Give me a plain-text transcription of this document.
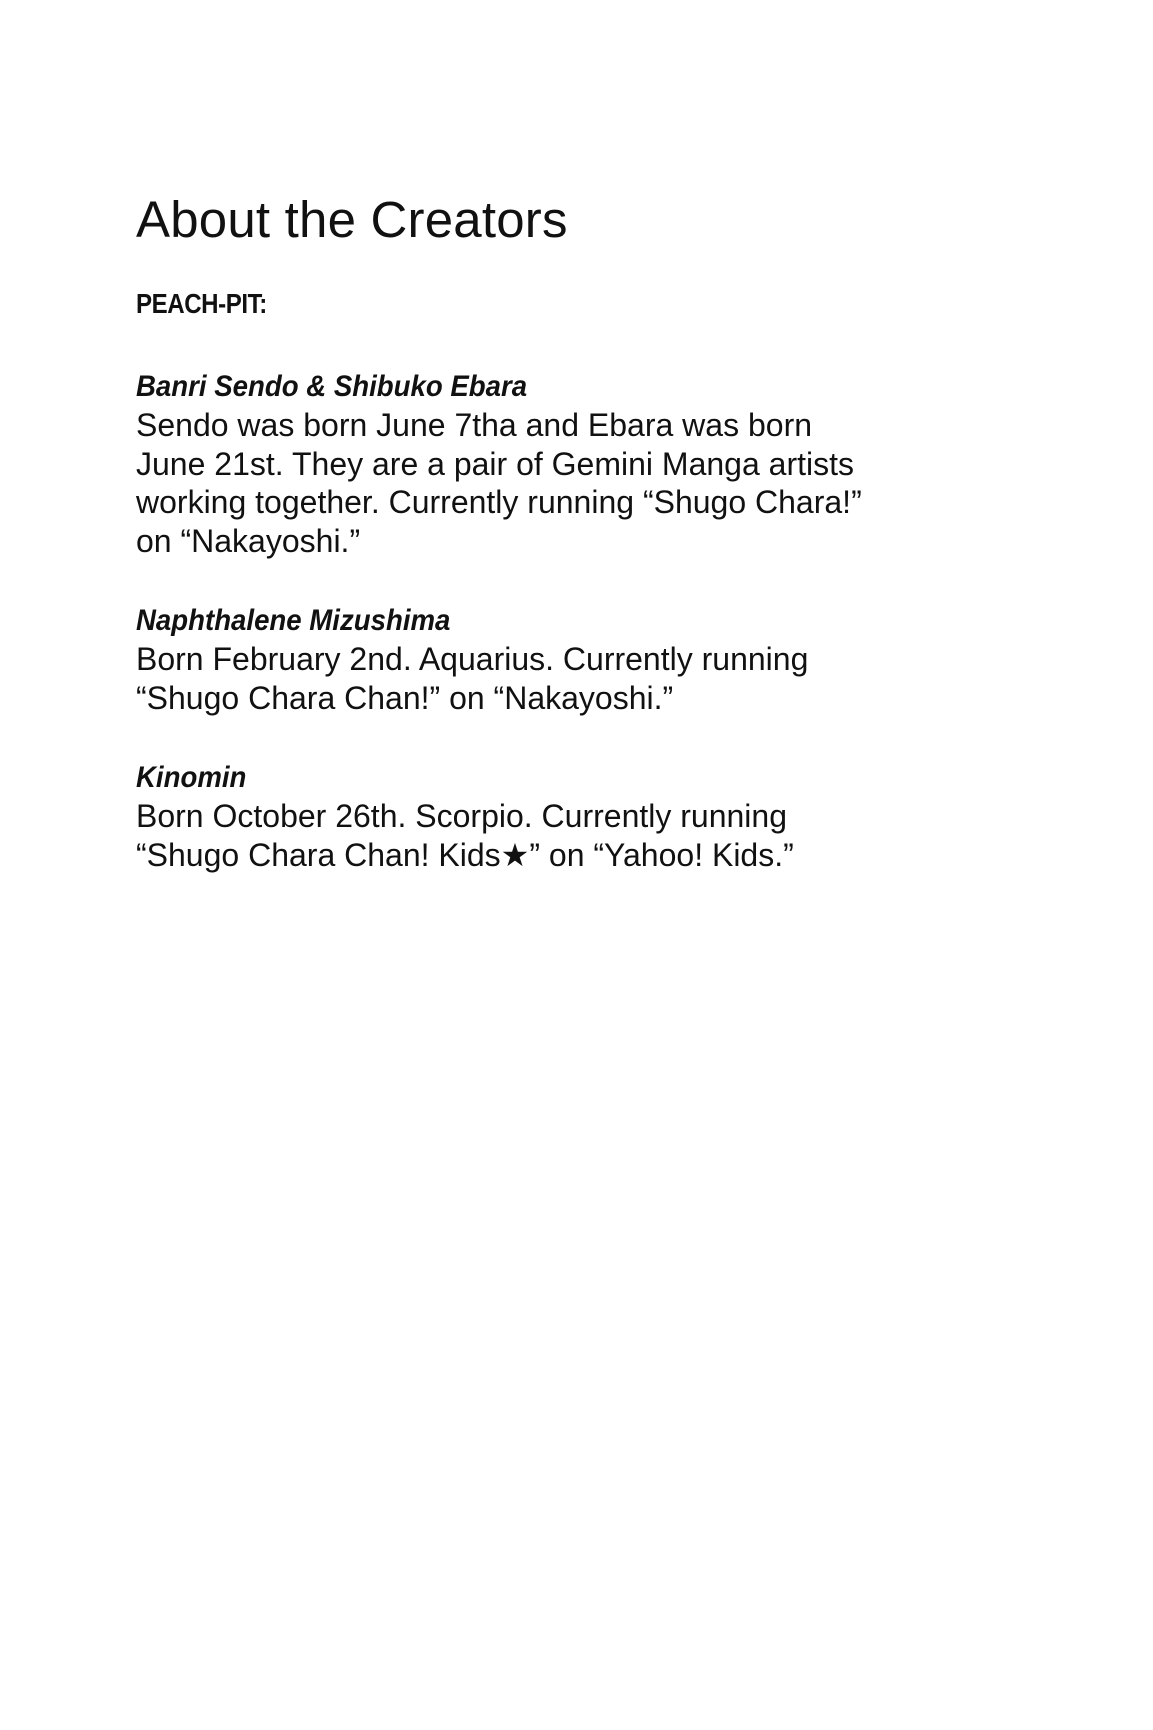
About the Creators
PEACH-PIT:
Banri Sendo & Shibuko Ebara

Sendo was born June 7tha and Ebara was born
June 21st. They are a pair of Gemini Manga artists
working together. Currently running “Shugo Chara!”
on “Nakayoshi.”

Naphthalene Mizushima

Born February 2nd. Aquarius. Currently running
“Shugo Chara Chan!” on “Nakayoshi.”

Kinomin

Born October 26th. Scorpio. Currently running
“Shugo Chara Chan! Kids★” on “Yahoo! Kids.”
